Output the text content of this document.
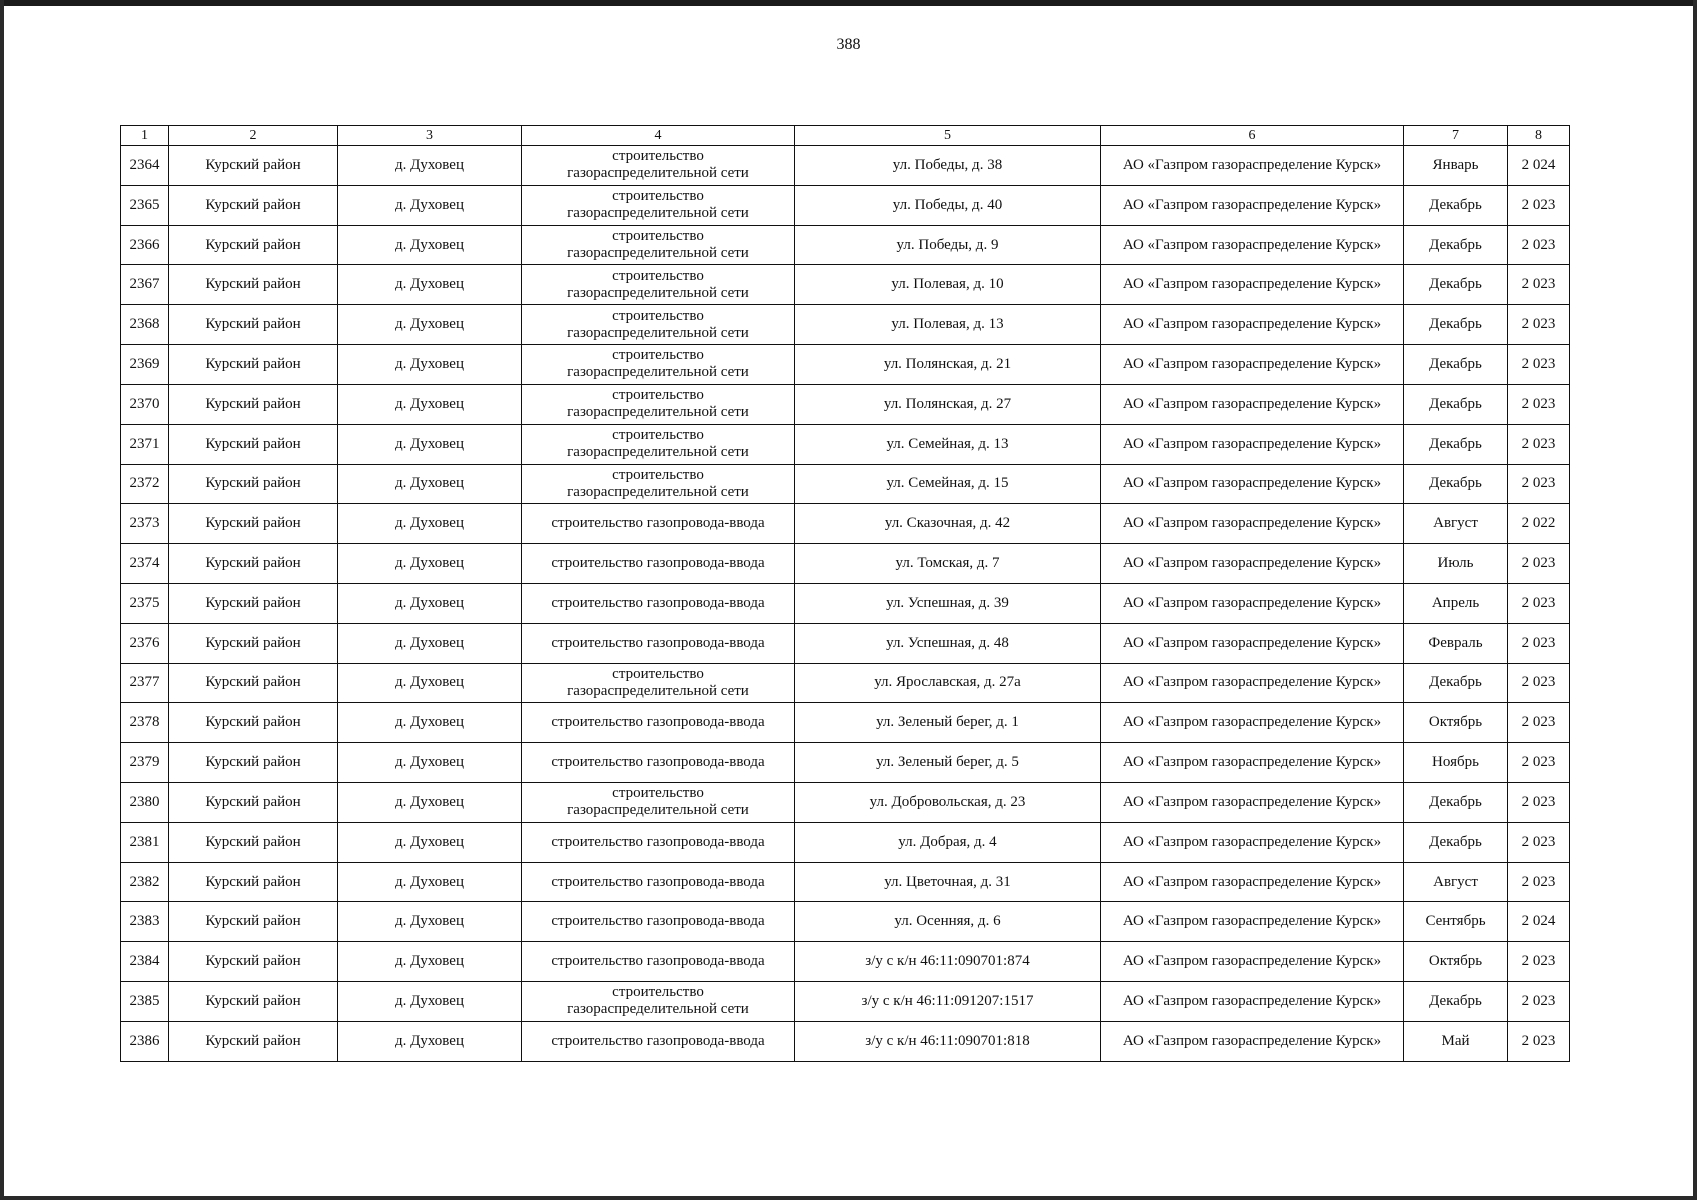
388
1	2	3	4	5	6	7	8
2364	Курский район	д. Духовец	строительство
газораспределительной сети	ул. Победы, д. 38	АО «Газпром газораспределение Курск»	Январь	2 024
2365	Курский район	д. Духовец	строительство
газораспределительной сети	ул. Победы, д. 40	АО «Газпром газораспределение Курск»	Декабрь	2 023
2366	Курский район	д. Духовец	строительство
газораспределительной сети	ул. Победы, д. 9	АО «Газпром газораспределение Курск»	Декабрь	2 023
2367	Курский район	д. Духовец	строительство
газораспределительной сети	ул. Полевая, д. 10	АО «Газпром газораспределение Курск»	Декабрь	2 023
2368	Курский район	д. Духовец	строительство
газораспределительной сети	ул. Полевая, д. 13	АО «Газпром газораспределение Курск»	Декабрь	2 023
2369	Курский район	д. Духовец	строительство
газораспределительной сети	ул. Полянская, д. 21	АО «Газпром газораспределение Курск»	Декабрь	2 023
2370	Курский район	д. Духовец	строительство
газораспределительной сети	ул. Полянская, д. 27	АО «Газпром газораспределение Курск»	Декабрь	2 023
2371	Курский район	д. Духовец	строительство
газораспределительной сети	ул. Семейная, д. 13	АО «Газпром газораспределение Курск»	Декабрь	2 023
2372	Курский район	д. Духовец	строительство
газораспределительной сети	ул. Семейная, д. 15	АО «Газпром газораспределение Курск»	Декабрь	2 023
2373	Курский район	д. Духовец	строительство газопровода-ввода	ул. Сказочная, д. 42	АО «Газпром газораспределение Курск»	Август	2 022
2374	Курский район	д. Духовец	строительство газопровода-ввода	ул. Томская, д. 7	АО «Газпром газораспределение Курск»	Июль	2 023
2375	Курский район	д. Духовец	строительство газопровода-ввода	ул. Успешная, д. 39	АО «Газпром газораспределение Курск»	Апрель	2 023
2376	Курский район	д. Духовец	строительство газопровода-ввода	ул. Успешная, д. 48	АО «Газпром газораспределение Курск»	Февраль	2 023
2377	Курский район	д. Духовец	строительство
газораспределительной сети	ул. Ярославская, д. 27а	АО «Газпром газораспределение Курск»	Декабрь	2 023
2378	Курский район	д. Духовец	строительство газопровода-ввода	ул. Зеленый берег, д. 1	АО «Газпром газораспределение Курск»	Октябрь	2 023
2379	Курский район	д. Духовец	строительство газопровода-ввода	ул. Зеленый берег, д. 5	АО «Газпром газораспределение Курск»	Ноябрь	2 023
2380	Курский район	д. Духовец	строительство
газораспределительной сети	ул. Добровольская, д. 23	АО «Газпром газораспределение Курск»	Декабрь	2 023
2381	Курский район	д. Духовец	строительство газопровода-ввода	ул. Добрая, д. 4	АО «Газпром газораспределение Курск»	Декабрь	2 023
2382	Курский район	д. Духовец	строительство газопровода-ввода	ул. Цветочная, д. 31	АО «Газпром газораспределение Курск»	Август	2 023
2383	Курский район	д. Духовец	строительство газопровода-ввода	ул. Осенняя, д. 6	АО «Газпром газораспределение Курск»	Сентябрь	2 024
2384	Курский район	д. Духовец	строительство газопровода-ввода	з/у с к/н 46:11:090701:874	АО «Газпром газораспределение Курск»	Октябрь	2 023
2385	Курский район	д. Духовец	строительство
газораспределительной сети	з/у с к/н 46:11:091207:1517	АО «Газпром газораспределение Курск»	Декабрь	2 023
2386	Курский район	д. Духовец	строительство газопровода-ввода	з/у с к/н 46:11:090701:818	АО «Газпром газораспределение Курск»	Май	2 023
